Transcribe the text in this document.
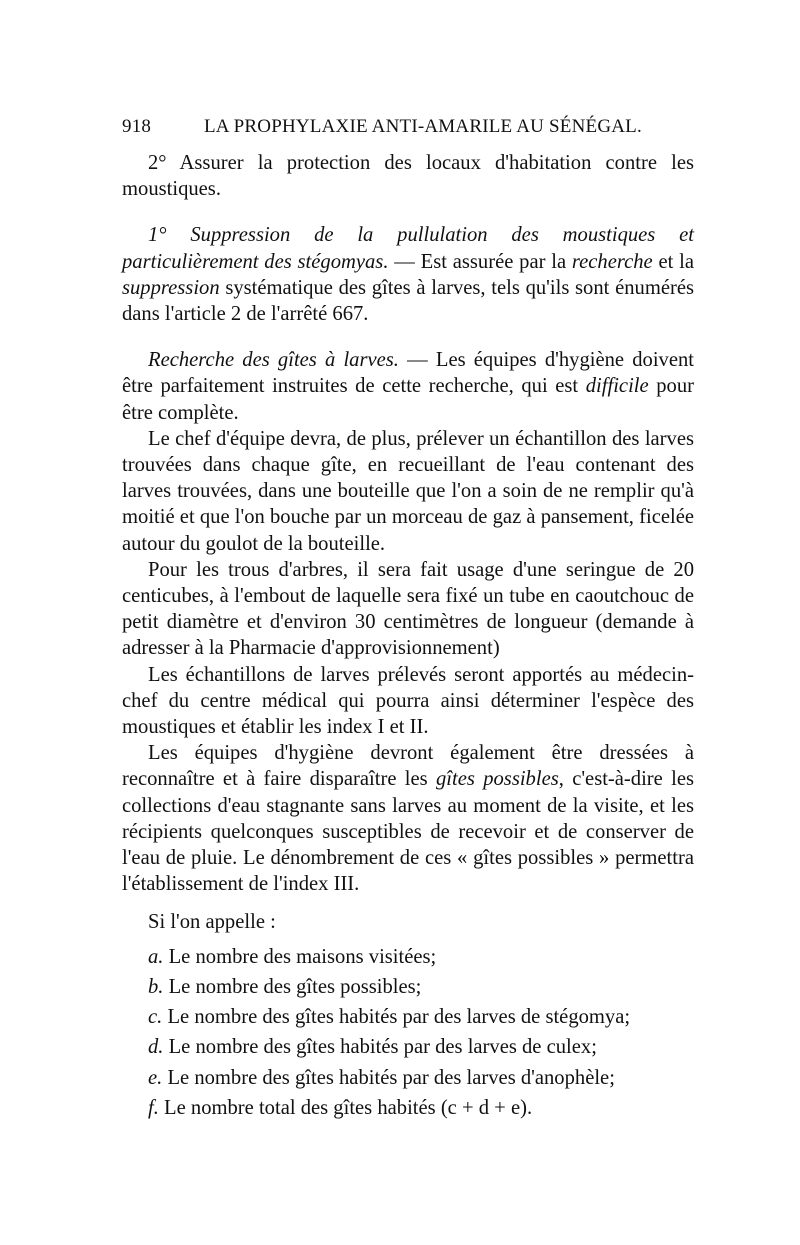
918	LA PROPHYLAXIE ANTI-AMARILE AU SÉNÉGAL.

2° Assurer la protection des locaux d'habitation contre les moustiques.

1° Suppression de la pullulation des moustiques et particulièrement des stégomyas. — Est assurée par la recherche et la suppression systématique des gîtes à larves, tels qu'ils sont énumérés dans l'article 2 de l'arrêté 667.

Recherche des gîtes à larves. — Les équipes d'hygiène doivent être parfaitement instruites de cette recherche, qui est difficile pour être complète.

Le chef d'équipe devra, de plus, prélever un échantillon des larves trouvées dans chaque gîte, en recueillant de l'eau contenant des larves trouvées, dans une bouteille que l'on a soin de ne remplir qu'à moitié et que l'on bouche par un morceau de gaz à pansement, ficelée autour du goulot de la bouteille.

Pour les trous d'arbres, il sera fait usage d'une seringue de 20 centicubes, à l'embout de laquelle sera fixé un tube en caoutchouc de petit diamètre et d'environ 30 centimètres de longueur (demande à adresser à la Pharmacie d'approvisionnement)

Les échantillons de larves prélevés seront apportés au médecin-chef du centre médical qui pourra ainsi déterminer l'espèce des moustiques et établir les index I et II.

Les équipes d'hygiène devront également être dressées à reconnaître et à faire disparaître les gîtes possibles, c'est-à-dire les collections d'eau stagnante sans larves au moment de la visite, et les récipients quelconques susceptibles de recevoir et de conserver de l'eau de pluie. Le dénombrement de ces « gîtes possibles » permettra l'établissement de l'index III.

Si l'on appelle :

a. Le nombre des maisons visitées;
b. Le nombre des gîtes possibles;
c. Le nombre des gîtes habités par des larves de stégomya;
d. Le nombre des gîtes habités par des larves de culex;
e. Le nombre des gîtes habités par des larves d'anophèle;
f. Le nombre total des gîtes habités (c + d + e).
